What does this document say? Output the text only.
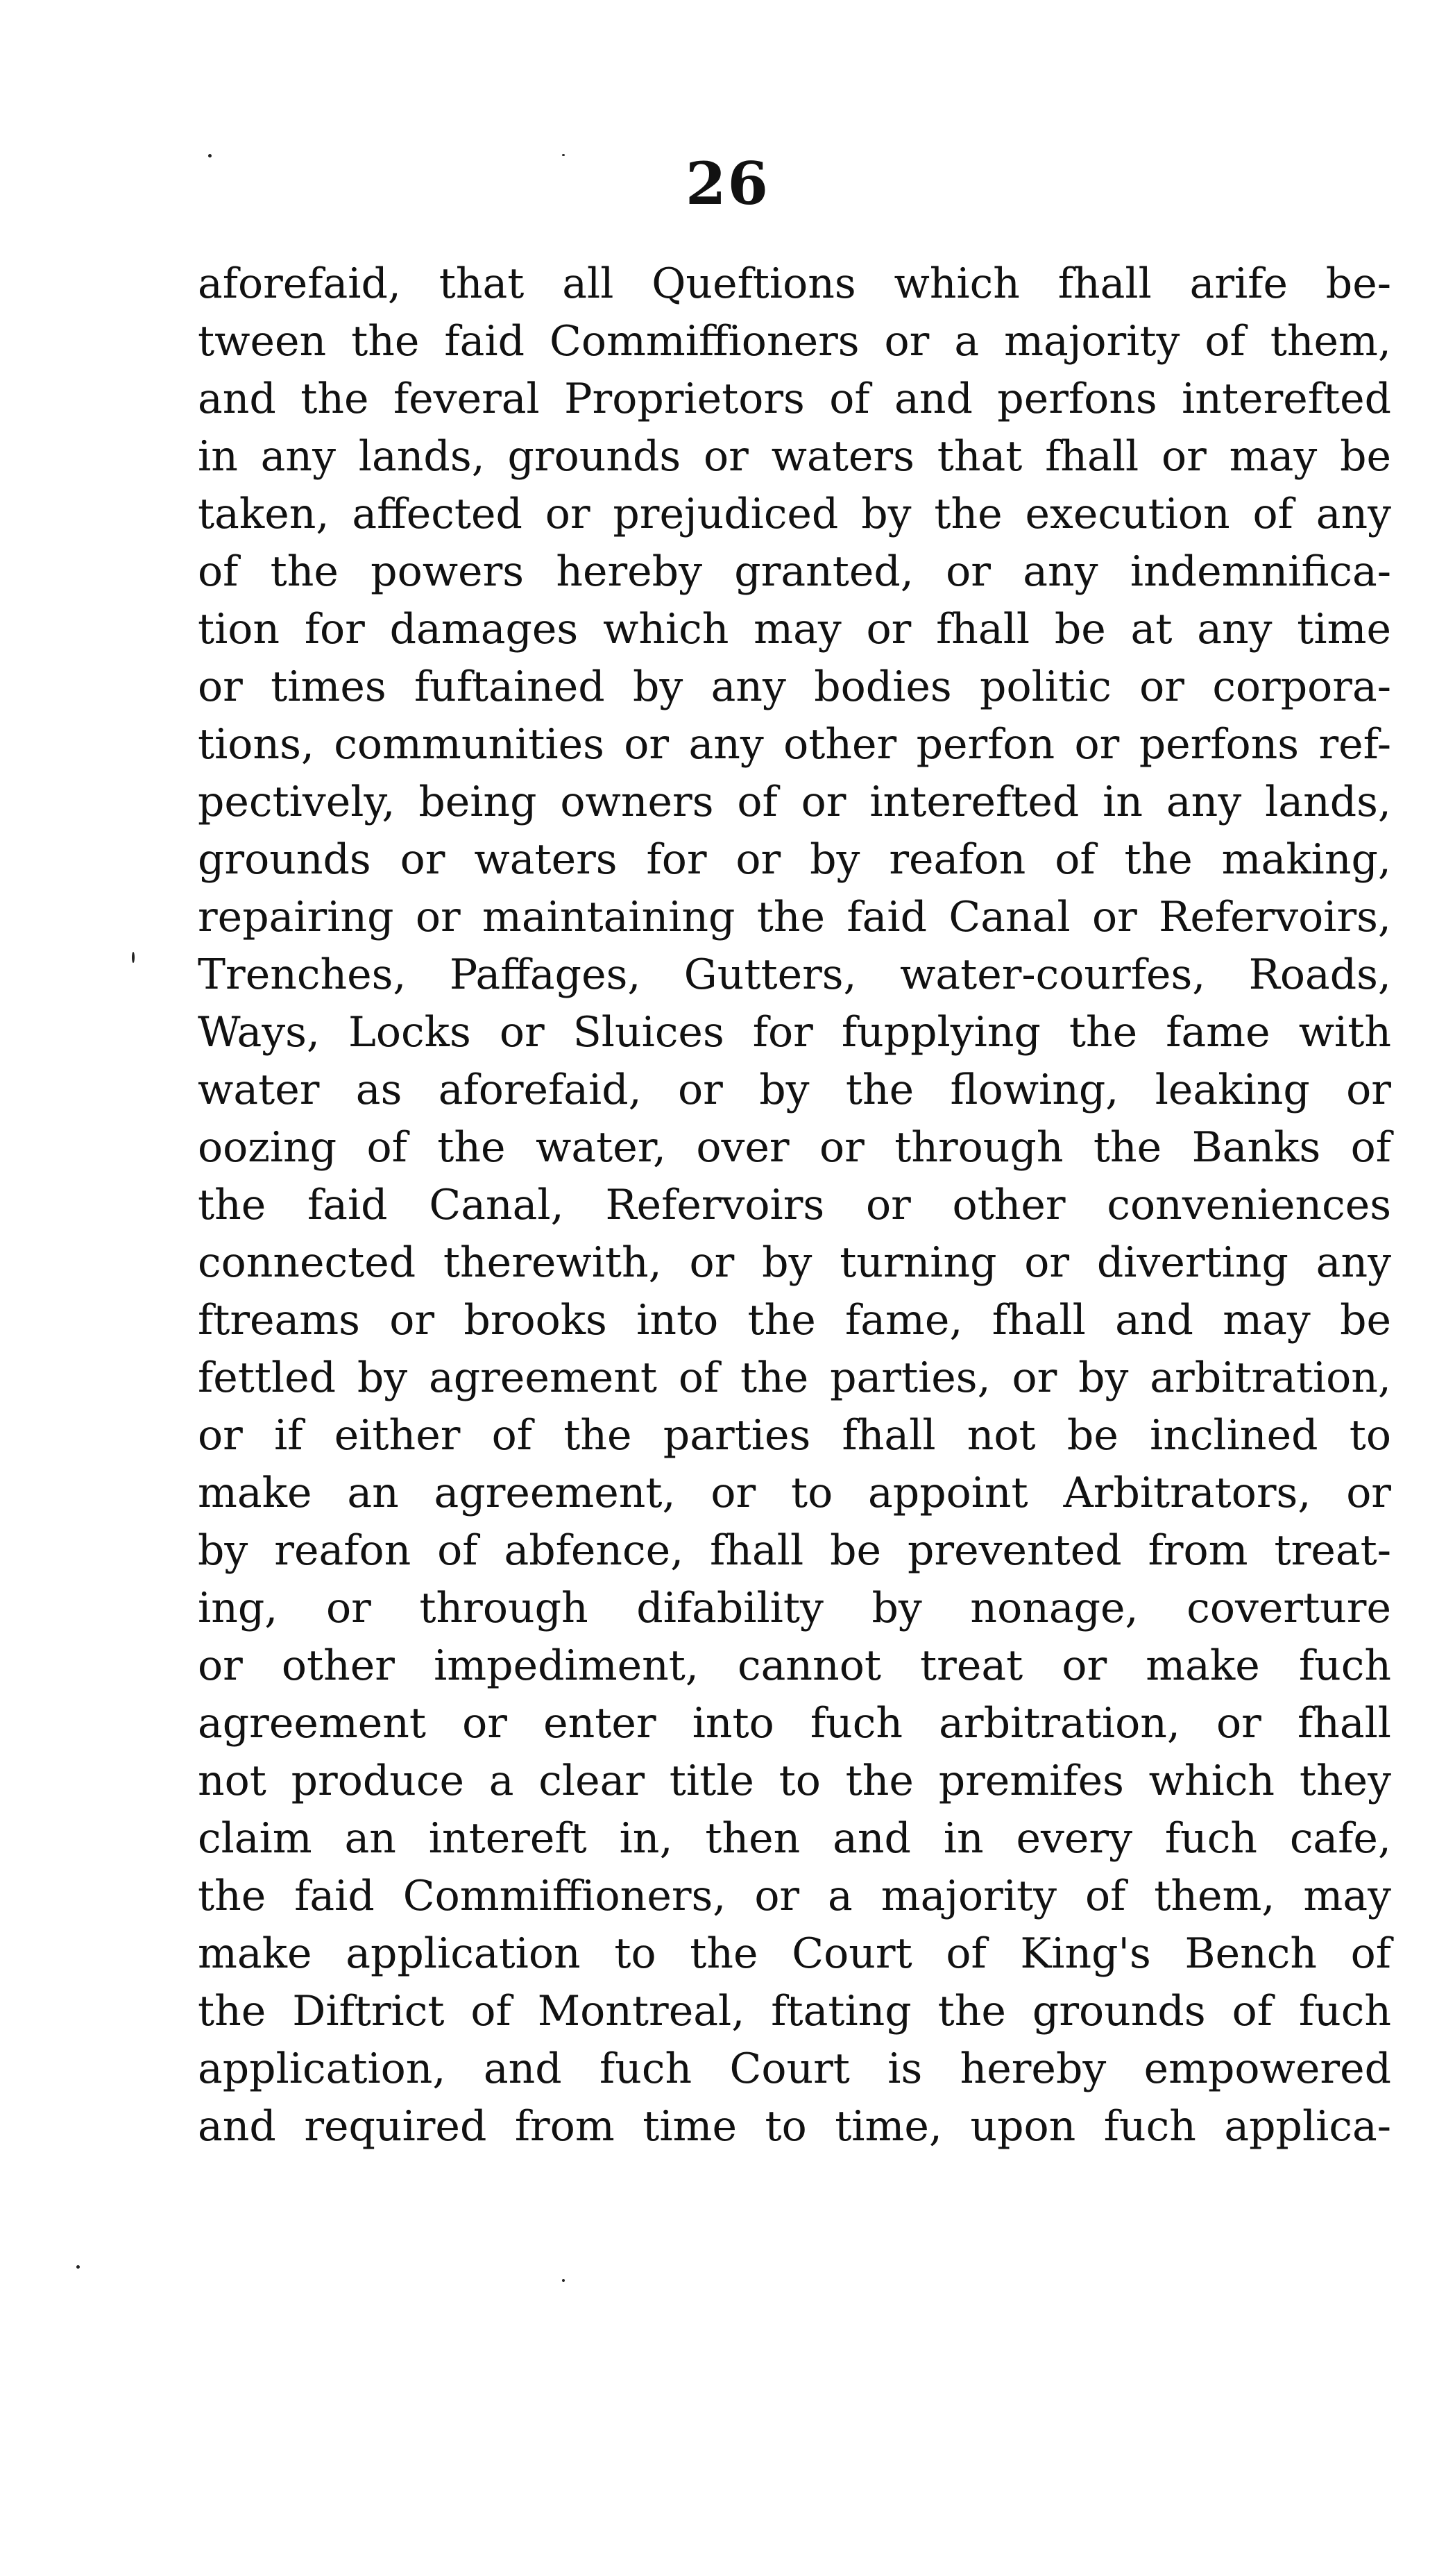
26
aforefaid, that all Queftions which fhall arife be-
tween the faid Commiffioners or a majority of them,
and the feveral Proprietors of and perfons interefted
in any lands, grounds or waters that fhall or may be
taken, affected or prejudiced by the execution of any
of the powers hereby granted, or any indemnifica-
tion for damages which may or fhall be at any time
or times fuftained by any bodies politic or corpora-
tions, communities or any other perfon or perfons ref-
pectively, being owners of or interefted in any lands,
grounds or waters for or by reafon of the making,
repairing or maintaining the faid Canal or Refervoirs,
Trenches, Paffages, Gutters, water-courfes, Roads,
Ways, Locks or Sluices for fupplying the fame with
water as aforefaid, or by the flowing, leaking or
oozing of the water, over or through the Banks of
the faid Canal, Refervoirs or other conveniences
connected therewith, or by turning or diverting any
ftreams or brooks into the fame, fhall and may be
fettled by agreement of the parties, or by arbitration,
or if either of the parties fhall not be inclined to
make an agreement, or to appoint Arbitrators, or
by reafon of abfence, fhall be prevented from treat-
ing, or through difability by nonage, coverture
or other impediment, cannot treat or make fuch
agreement or enter into fuch arbitration, or fhall
not produce a clear title to the premifes which they
claim an intereft in, then and in every fuch cafe,
the faid Commiffioners, or a majority of them, may
make application to the Court of King's Bench of
the Diftrict of Montreal, ftating the grounds of fuch
application, and fuch Court is hereby empowered
and required from time to time, upon fuch applica-
